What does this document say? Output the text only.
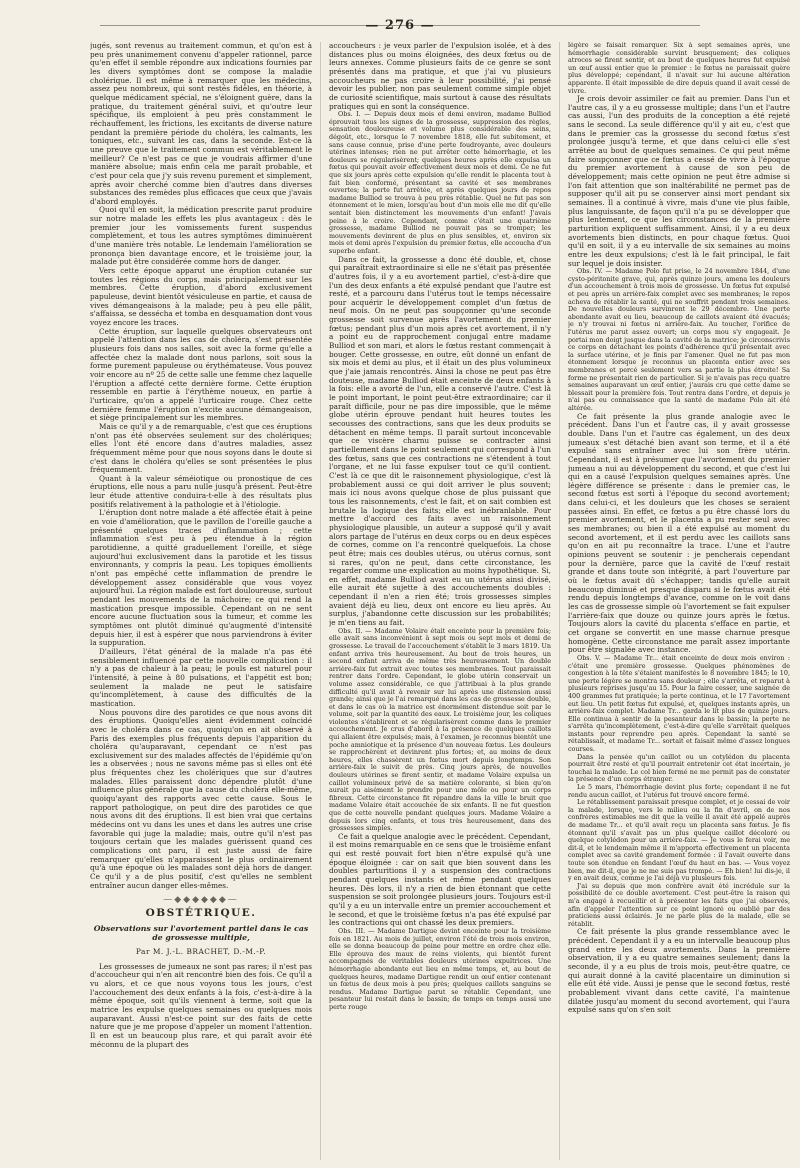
— 276 —

jugés, sont revenus au traitement commun, et qu'on est à peu près unanimement convenu d'appeler rationnel, parce qu'en effet il semble répondre aux indications fournies par les divers symptômes dont se compose la maladie cholérique. Il est même à remarquer que les médecins, assez peu nombreux, qui sont restés fidèles, en théorie, à quelque médicament spécial, ne s'éloignent guère, dans la pratique, du traitement général suivi, et qu'outre leur spécifique, ils emploient à peu près constamment le réchauffement, les frictions, les excitants de diverse nature pendant la première période du choléra, les calmants, les toniques, etc., suivant les cas, dans la seconde. Est-ce là une preuve que le traitement commun est véritablement le meilleur? Ce n'est pas ce que je voudrais affirmer d'une manière absolue; mais enfin cela me paraît probable, et c'est pour cela que j'y suis revenu purement et simplement, après avoir cherché comme bien d'autres dans diverses substances des remèdes plus efficaces que ceux que j'avais d'abord employés.

Quoi qu'il en soit, la médication prescrite parut produire sur notre malade les effets les plus avantageux : dès le premier jour les vomissements furent suspendus complètement, et tous les autres symptômes diminuèrent d'une manière très notable. Le lendemain l'amélioration se prononça bien davantage encore, et le troisième jour, la malade put être considérée comme hors de danger.

Vers cette époque apparut une éruption cutanée sur toutes les régions du corps, mais principalement sur les membres. Cette éruption, d'abord exclusivement papuleuse, devint bientôt vésiculeuse en partie, et causa de vives démangeaisons à la malade; peu à peu elle pâlit, s'affaissa, se dessécha et tomba en desquamation dont vous voyez encore les traces.

Cette éruption, sur laquelle quelques observateurs ont appelé l'attention dans les cas de choléra, s'est présentée plusieurs fois dans nos salles, soit avec la forme qu'elle a affectée chez la malade dont nous parlons, soit sous la forme purement papuleuse ou érythémateuse. Vous pouvez voir encore au nº 25 de cette salle une femme chez laquelle l'éruption a affecté cette dernière forme. Cette éruption ressemble en partie à l'érythème noueux, en partie à l'urticaire, qu'on a appelé l'urticaire rouge. Chez cette dernière femme l'éruption n'excite aucune démangeaison, et siège principalement sur les membres.

Mais ce qu'il y a de remarquable, c'est que ces éruptions n'ont pas été observées seulement sur des cholériques; elles l'ont été encore dans d'autres maladies, assez fréquemment même pour que nous soyons dans le doute si c'est dans le choléra qu'elles se sont présentées le plus fréquemment.

Quant à la valeur séméiotique ou pronostique de ces éruptions, elle nous a paru nulle jusqu'à présent. Peut-être leur étude attentive conduira-t-elle à des résultats plus positifs relativement à la pathologie et à l'étiologie.

L'éruption dont notre malade a été affectée était à peine en voie d'amélioration, que le pavillon de l'oreille gauche a présenté quelques traces d'inflammation ; cette inflammation s'est peu à peu étendue à la région parotidienne, a quitté graduellement l'oreille, et siège aujourd'hui exclusivement dans la parotide et les tissus environnants, y compris la peau. Les topiques émollients n'ont pas empêché cette inflammation de prendre le développement assez considérable que vous voyez aujourd'hui. La région malade est fort douloureuse, surtout pendant les mouvements de la mâchoire; ce qui rend la mastication presque impossible. Cependant on ne sent encore aucune fluctuation sous la tumeur, et comme les symptômes ont plutôt diminué qu'augmenté d'intensité depuis hier, il est à espérer que nous parviendrons à éviter la suppuration.

D'ailleurs, l'état général de la malade n'a pas été sensiblement influencé par cette nouvelle complication : il n'y a pas de chaleur à la peau; le pouls est naturel pour l'intensité, à peine à 80 pulsations, et l'appétit est bon; seulement la malade ne peut le satisfaire qu'incomplètement, à cause des difficultés de la mastication.

Nous pouvons dire des parotides ce que nous avons dit des éruptions. Quoiqu'elles aient évidemment coïncidé avec le choléra dans ce cas, quoiqu'on en ait observé à Paris des exemples plus fréquents depuis l'apparition du choléra qu'auparavant, cependant ce n'est pas exclusivement sur des malades affectés de l'épidémie qu'on les a observées ; nous ne savons même pas si elles ont été plus fréquentes chez les cholériques que sur d'autres malades. Elles paraissent donc dépendre plutôt d'une influence plus générale que la cause du choléra elle-même, quoiqu'ayant des rapports avec cette cause. Sous le rapport pathologique, on peut dire des parotides ce que nous avons dit des éruptions. Il est bien vrai que certains médecins ont vu dans les unes et dans les autres une crise favorable qui juge la maladie; mais, outre qu'il n'est pas toujours certain que les malades guérissent quand ces complications ont paru, il est juste aussi de faire remarquer qu'elles n'apparaissent le plus ordinairement qu'à une époque où les malades sont déjà hors de danger. Ce qu'il y a de plus positif, c'est qu'elles ne semblent entraîner aucun danger elles-mêmes.

—◆◆◆◆◆◆—
OBSTÉTRIQUE.
Observations sur l'avortement partiel dans le cas de grossesse multiple,
Par M. J.-L. BRACHET, D.-M.-P.

Les grossesses de jumeaux ne sont pas rares; il n'est pas d'accoucheur qui n'en ait rencontré bien des fois. Ce qu'il a vu alors, et ce que nous voyons tous les jours, c'est l'accouchement des deux enfants à la fois, c'est-à-dire à la même époque, soit qu'ils viennent à terme, soit que la matrice les expulse quelques semaines ou quelques mois auparavant. Aussi n'est-ce point sur des faits de cette nature que je me propose d'appeler un moment l'attention. Il en est un beaucoup plus rare, et qui paraît avoir été méconnu de la plupart des

accoucheurs : je veux parler de l'expulsion isolée, et à des distances plus ou moins éloignées, des deux fœtus ou de leurs annexes. Comme plusieurs faits de ce genre se sont présentés dans ma pratique, et que j'ai vu plusieurs accoucheurs ne pas croire à leur possibilité, j'ai pensé devoir les publier, non pas seulement comme simple objet de curiosité scientifique, mais surtout à cause des résultats pratiques qui en sont la conséquence.

Obs. I. — Depuis deux mois et demi environ, madame Bulliod éprouvait tous les signes de la grossesse, suppression des règles, sensation douloureuse et volume plus considérable des seins, dégoût, etc., lorsque le 7 novembre 1818, elle fut subitement, et sans cause connue, prise d'une perte foudroyante, avec douleurs utérines intenses; rien ne put arrêter cette hémorrhagie, et les douleurs se régularisèrent; quelques heures après elle expulsa un fœtus qui pouvait avoir effectivement deux mois et demi. Ce ne fut que six jours après cette expulsion qu'elle rendit le placenta tout à fait bien conformé, présentant sa cavité et ses membranes ouvertes; la perte fut arrêtée, et après quelques jours de repos madame Bulliod se trouva à peu près rétablie. Quel ne fut pas son étonnement et le mien, lorsqu'au bout d'un mois elle me dit qu'elle sentait bien distinctement les mouvements d'un enfant! J'avais peine à le croire. Cependant, comme c'était une quatrième grossesse, madame Bulliod ne pouvait pas se tromper; les mouvements devinrent de plus en plus sensibles, et, environ six mois et demi après l'expulsion du premier fœtus, elle accoucha d'un superbe enfant.

Dans ce fait, la grossesse a donc été double, et, chose qui paraîtrait extraordinaire si elle ne s'était pas présentée d'autres fois, il y a eu avortement partiel, c'est-à-dire que l'un des deux enfants a été expulsé pendant que l'autre est resté, et a parcouru dans l'utérus tout le temps nécessaire pour acquérir le développement complet d'un fœtus de neuf mois. On ne peut pas soupçonner qu'une seconde grossesse soit survenue après l'avortement du premier fœtus; pendant plus d'un mois après cet avortement, il n'y a point eu de rapprochement conjugal entre madame Bulliod et son mari, et alors le fœtus restant commençait à bouger. Cette grossesse, en outre, eût donné un enfant de six mois et demi au plus, et il était un des plus volumineux que j'aie jamais rencontrés. Ainsi la chose ne peut pas être douteuse, madame Bulliod était enceinte de deux enfants à la fois: elle a avorté de l'un, elle a conservé l'autre. C'est là le point important, le point peut-être extraordinaire; car il paraît difficile, pour ne pas dire impossible, que le même globe utérin éprouve pendant huit heures toutes les secousses des contractions, sans que les deux produits se détachent en même temps. Il paraît surtout inconcevable que ce viscère charnu puisse se contracter ainsi partiellement dans le point seulement qui correspond à l'un des fœtus, sans que ces contractions ne s'étendent à tout l'organe, et ne lui fasse expulser tout ce qu'il contient. C'est là ce que dit le raisonnement physiologique, c'est là probablement aussi ce qui doit arriver le plus souvent; mais ici nous avons quelque chose de plus puissant que tous les raisonnements, c'est le fait, et on sait combien est brutale la logique des faits; elle est inébranlable. Pour mettre d'accord ces faits avec un raisonnement physiologique plausible, un auteur a supposé qu'il y avait alors partage de l'utérus en deux corps ou en deux espèces de cornes, comme on l'a rencontré quelquefois. La chose peut être; mais ces doubles utérus, ou utérus cornus, sont si rares, qu'on ne peut, dans cette circonstance, les regarder comme une explication au moins hypothétique. Si, en effet, madame Bulliod avait eu un utérus ainsi divisé, elle aurait été sujette à des accouchements doubles : cependant il n'en a rien été; trois grossesses simples avaient déjà eu lieu, deux ont encore eu lieu après. Au surplus, j'abandonne cette discussion sur les probabilités; je m'en tiens au fait.

Obs. II. — Madame Volaire était enceinte pour la première fois; elle avait sans inconvénient à sept mois ou sept mois et demi de grossesse. Le travail de l'accouchement s'établit le 3 mars 1819. Un enfant arriva très heureusement. Au bout de trois heures, un second enfant arriva de même très heureusement. Un double arrière-faix fut extrait avec toutes ses membranes. Tout paraissait rentrer dans l'ordre. Cependant, le globe utérin conservait un volume assez considérable, ce que j'attribuai à la plus grande difficulté qu'il avait à revenir sur lui après une distension aussi grande; ainsi que je l'ai remarqué dans les cas de grossesse double, et dans le cas où la matrice est énormément distendue soit par le volume, soit par la quantité des eaux. Le troisième jour, les coliques violentes s'établirent et se régularisèrent comme dans le premier accouchement. Je crus d'abord à la présence de quelques caillots qui allaient être expulsés; mais, à l'examen, je reconnus bientôt une poche amniotique et la présence d'un nouveau fœtus. Les douleurs se rapprochèrent et devinrent plus fortes; et, au moins de deux heures, elles chassèrent un fœtus mort depuis longtemps. Son arrière-faix le suivit de près. Cinq jours après, de nouvelles douleurs utérines se firent sentir, et madame Volaire expulsa un caillot volumineux privé de sa matière colorante, si bien qu'on aurait pu aisément le prendre pour une môle ou pour un corps fibreux. Cette circonstance fit répandre dans la ville le bruit que madame Volaire était accouchée de six enfants. Il ne fut question que de cette nouvelle pendant quelques jours. Madame Volaire a depuis lors cinq enfants, et tous très heureusement, dans des grossesses simples.

Ce fait a quelque analogie avec le précédent. Cependant, il est moins remarquable en ce sens que le troisième enfant qui est resté pouvait fort bien n'être expulsé qu'à une époque éloignée : car on sait que bien souvent dans les doubles parturitions il y a suspension des contractions pendant quelques instants et même pendant quelques heures. Dès lors, il n'y a rien de bien étonnant que cette suspension se soit prolongée plusieurs jours. Toujours est-il qu'il y a eu un intervalle entre un premier accouchement et le second, et que le troisième fœtus n'a pas été expulsé par les contractions qui ont chassé les deux premiers.

Obs. III. — Madame Dartigue devint enceinte pour la troisième fois en 1821. Au mois de juillet, environ l'été de trois mois environ, elle se donna beaucoup de peine pour mettre en ordre chez elle. Elle éprouva des maux de reins violents, qui bientôt furent accompagnés de véritables douleurs utérines expultrices. Une hémorrhagie abondante eut lieu en même temps, et, au bout de quelques heures, madame Dartigue rendit un œuf entier contenant un fœtus de deux mois à peu près; quelques caillots sanguins se rendus. Madame Dartigue parut se rétablir. Cependant, une pesanteur lui restait dans le bassin; de temps en temps aussi une perte rouge

légère se faisait remarquer. Six à sept semaines après, une hémorrhagie considérable survint brusquement; des coliques atroces se firent sentir, et au bout de quelques heures fut expulsé un œuf aussi entier que le premier : le fœtus ne paraissait guère plus développé; cependant, il n'avait sur lui aucune altération apparente. Il était impossible de dire depuis quand il avait cessé de vivre.

Je crois devoir assimiler ce fait au premier. Dans l'un et l'autre cas, il y a eu grossesse multiple; dans l'un et l'autre cas aussi, l'un des produits de la conception a été rejeté sans le second. La seule différence qu'il y ait eu, c'est que dans le premier cas la grossesse du second fœtus s'est prolongée jusqu'à terme, et que dans celui-ci elle s'est arrêtée au bout de quelques semaines. Ce qui peut même faire soupçonner que ce fœtus a cessé de vivre à l'époque du premier avortement à cause de son peu de développement; mais cette opinion ne peut être admise si l'on fait attention que son inaltérabilité ne permet pas de supposer qu'il ait pu se conserver ainsi mort pendant six semaines. Il a continué à vivre, mais d'une vie plus faible, plus languissante, de façon qu'il n'a pu se développer que plus lentement, ce que les circonstances de la première parturition expliquent suffisamment. Ainsi, il y a eu deux avortements bien distincts, en pour chaque fœtus. Quoi qu'il en soit, il y a eu intervalle de six semaines au moins entre les deux expulsions; c'est là le fait principal, le fait sur lequel je dois insister.

Obs. IV. — Madame Polo fut prise, le 24 novembre 1844, d'une cysto-péritonite grave, qui, après quinze jours, amena les douleurs d'un accouchement à trois mois de grossesse. Un fœtus fut expulsé et peu après un arrière-faix complet avec ses membranes; le repos acheva de rétablir la santé, qui ne souffrit pendant trois semaines. De nouvelles douleurs survinrent le 29 décembre. Une perte abondante avait eu lieu, beaucoup de caillots avaient été évacués; je n'y trouvai ni fœtus ni arrière-faix. Au toucher, l'orifice de l'utérus me parut assez ouvert; un corps mou s'y engageait. Je portai mon doigt jusque dans la cavité de la matrice; je circonscrivis ce corps en détachant les points d'adhérence qu'il présentait avec la surface utérine, et je finis par l'amener. Quel ne fut pas mon étonnement lorsque je reconnus un placenta entier avec ses membranes et percé seulement vers sa partie la plus étroite! Sa forme ne présentait rien de particulier. Si je n'avais pas reçu quatre semaines auparavant un œuf entier, j'aurais cru que cette dame se blessait pour la première fois. Tout rentra dans l'ordre, et depuis je n'ai pas eu connaissance que la santé de madame Polo ait été altérée.

Ce fait présente la plus grande analogie avec le précédent. Dans l'un et l'autre cas, il y avait grossesse double. Dans l'un et l'autre cas également, un des deux jumeaux s'est détaché bien avant son terme, et il a été expulsé sans entraîner avec lui son frère utérin. Cependant, il est à présumer que l'avortement du premier jumeau a nui au développement du second, et que c'est lui qui en a causé l'expulsion quelques semaines après. Une légère différence se présente : dans le premier cas, le second fœtus est sorti à l'époque du second avortement; dans celui-ci, et les douleurs que les choses se seraient passées ainsi. En effet, ce fœtus a pu être chassé lors du premier avortement, et le placenta a pu rester seul avec ses membranes; ou bien il a été expulsé au moment du second avortement, et il est perdu avec les caillots sans qu'on en ait pu reconnaître la trace. L'une et l'autre opinions peuvent se soutenir : je pencherais cependant pour la dernière, parce que la cavité de l'œuf restait grande et dans toute son intégrité, à part l'ouverture par où le fœtus avait dû s'échapper; tandis qu'elle aurait beaucoup diminué et presque disparu si le fœtus avait été rendu depuis longtemps d'avance, comme on le voit dans les cas de grossesse simple où l'avortement se fait expulser l'arrière-faix que douze ou quinze jours après le fœtus. Toujours alors la cavité du placenta s'efface en partie, et cet organe se convertit en une masse charnue presque homogène. Cette circonstance me paraît assez importante pour être signalée avec instance.

Obs. V. — Madame Tr... était enceinte de deux mois environ : c'était une première grossesse. Quelques phénomènes de congestion à la tête s'étaient manifestés le 8 novembre 1845; le 10, une perte légère se montra sans douleur ; elle s'arrêta, et reparut à plusieurs reprises jusqu'au 15. Pour la faire cesser, une saignée de 400 grammes fut pratiquée; la perte continua, et le 17 l'avortement eut lieu. Un petit fœtus fut expulsé, et, quelques instants après, un arrière-faix complet. Madame Tr... garda le lit plus de quinze jours. Elle continua à sentir de la pesanteur dans le bassin; la perte ne s'arrêta qu'incomplètement, c'est-à-dire qu'elle s'arrêtait quelques instants pour reprendre peu après. Cependant la santé se rétablissait, et madame Tr... sortait et faisait même d'assez longues courses.

Dans la pensée qu'un caillot ou un cotylédon du placenta pourrait être resté et qu'il pourrait entretenir cet état incertain, je touchai la malade. Le col bien fermé ne me permit pas de constater la présence d'un corps étranger.

Le 5 mars, l'hémorrhagie devint plus forte; cependant il ne fut rendu aucun caillot, et l'utérus fut trouvé encore fermé.

Le rétablissement paraissait presque complet, et je cessai de voir la malade, lorsque, vers le milieu ou la fin d'avril, on de nos confrères estimables me dit que la veille il avait été appelé auprès de madame Tr... et qu'il avait reçu un placenta sans fœtus. Je fis étonnant qu'il s'avait pas un plus quelque caillot décoloré ou quelque cotylédon pour un arrière-faix. — Je vous le ferai voir, me dit-il, et le lendemain même il m'apporta effectivement un placenta complet avec sa cavité grandement formée : il l'avait ouverte dans toute son étendue en fendant l'œuf du haut en bas. — Vous voyez bien, me dit-il, que je ne me suis pas trompé. — Eh bien! lui dis-je, il y en avait deux, comme je l'ai déjà vu plusieurs fois.

J'ai su depuis que mon confrère avait été incrédule sur la possibilité de ce double avortement. C'est peut-être la raison qui m'a engagé à recueillir et à présenter les faits que j'ai observés, afin d'appeler l'attention sur ce point ignoré ou oublié par des praticiens aussi éclairés. Je ne parle plus de la malade, elle se rétablit.

Ce fait présente la plus grande ressemblance avec le précédent. Cependant il y a eu un intervalle beaucoup plus grand entre les deux avortements. Dans la première observation, il y a eu quatre semaines seulement; dans la seconde, il y a eu plus de trois mois, peut-être quatre, ce qui aurait donné à la cavité placentaire un diminution si elle eût été vide. Aussi je pense que le second fœtus, resté probablement vivant dans cette cavité, l'a maintenue dilatée jusqu'au moment du second avortement, qui l'aura expulsé sans qu'on s'en soit
